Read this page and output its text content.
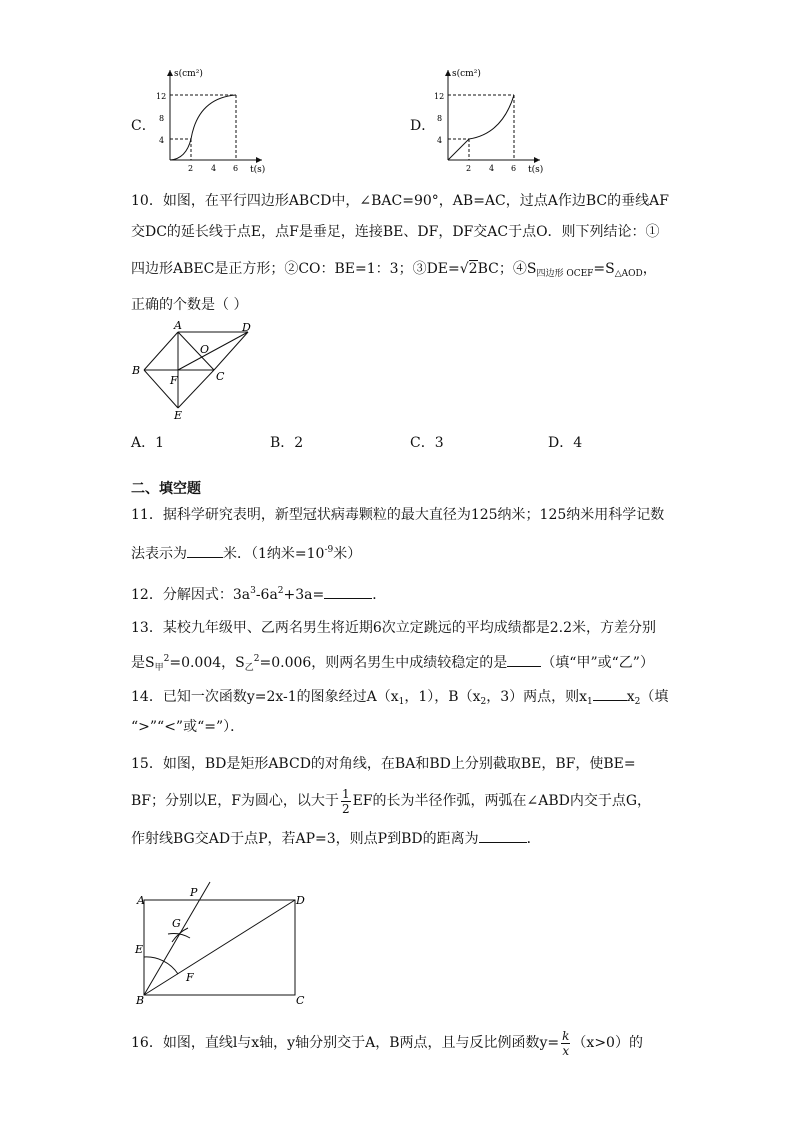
C．
s(cm²)
t(s)
4
8
12
2 4 6
D．
s(cm²)
t(s)
4
8
12
2 4 6
10．如图，在平行四边形ABCD中，∠BAC=90°，AB=AC，过点A作边BC的垂线AF
交DC的延长线于点E，点F是垂足，连接BE、DF，DF交AC于点O．则下列结论：①
四边形ABEC是正方形；②CO：BE=1：3；③DE=√2BC；$④S_{四边形 OCEF}=S_{\triangle AOD}$，
正确的个数是（ ）
A	D
O
B
F	C
E
A．1	B．2	C．3	D．4
二、填空题
11．据科学研究表明，新型冠状病毒颗粒的最大直径为125纳米；125纳米用科学记数
法表示为	米．（1纳米$=10^{-9}$米）
12．分解因式：$3a^3-6a^2+3a=$	．
13．某校九年级甲、乙两名男生将近期6次立定跳远的平均成绩都是2.2米，方差分别
是$S_甲^2=0.004$，$S_乙^2=0.006$，则两名男生中成绩较稳定的是 （填“甲”或“乙”）
14．已知一次函数y=2x-1的图象经过$A(x_1$，1），$B(x_2$，3）两点，则$x_1$ $x_2$（填
“>”“<”或“=”）．
15．如图，BD是矩形ABCD的对角线，在BA和BD上分别截取BE，BF，使BE=
BF；分别以E，F为圆心，以大于 $\frac{1}{2}$ EF的长为半径作弧，两弧在∠ABD内交于点G，
作射线BG交AD于点P，若AP=3，则点P到BD的距离为	．
A
P
D
G
E
F
B	C
16．如图，直线l与x轴，y轴分别交于A，B两点，且与反比例函数$y= \frac{k}{x} (x>0)$的
